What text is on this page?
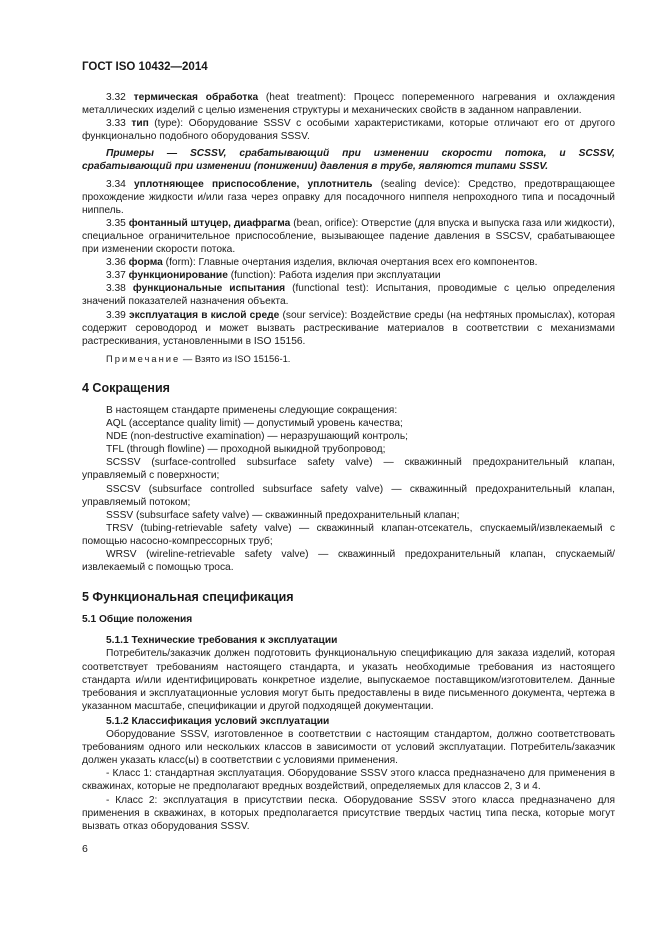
ГОСТ ISO 10432—2014

3.32 термическая обработка (heat treatment): Процесс попеременного нагревания и охлаждения металлических изделий с целью изменения структуры и механических свойств в заданном направлении.

3.33 тип (type): Оборудование SSSV с особыми характеристиками, которые отличают его от другого функционально подобного оборудования SSSV.

Примеры — SCSSV, срабатывающий при изменении скорости потока, и SCSSV, срабатывающий при изменении (понижении) давления в трубе, являются типами SSSV.

3.34 уплотняющее приспособление, уплотнитель (sealing device): Средство, предотвращающее прохождение жидкости и/или газа через оправку для посадочного ниппеля непроходного типа и посадочный ниппель.

3.35 фонтанный штуцер, диафрагма (bean, orifice): Отверстие (для впуска и выпуска газа или жидкости), специальное ограничительное приспособление, вызывающее падение давления в SSCSV, срабатывающее при изменении скорости потока.

3.36 форма (form): Главные очертания изделия, включая очертания всех его компонентов.

3.37 функционирование (function): Работа изделия при эксплуатации

3.38 функциональные испытания (functional test): Испытания, проводимые с целью определения значений показателей назначения объекта.

3.39 эксплуатация в кислой среде (sour service): Воздействие среды (на нефтяных промыслах), которая содержит сероводород и может вызвать растрескивание материалов в соответствии с механизмами растрескивания, установленными в ISO 15156.

Примечание — Взято из ISO 15156-1.

4 Сокращения

В настоящем стандарте применены следующие сокращения:

AQL (acceptance quality limit) — допустимый уровень качества;

NDE (non-destructive examination) — неразрушающий контроль;

TFL (through flowline) — проходной выкидной трубопровод;

SCSSV (surface-controlled subsurface safety valve) — скважинный предохранительный клапан, управляемый с поверхности;

SSCSV (subsurface controlled subsurface safety valve) — скважинный предохранительный клапан, управляемый потоком;

SSSV (subsurface safety valve) — скважинный предохранительный клапан;

TRSV (tubing-retrievable safety valve) — скважинный клапан-отсекатель, спускаемый/извлекаемый с помощью насосно-компрессорных труб;

WRSV (wireline-retrievable safety valve) — скважинный предохранительный клапан, спускаемый/извлекаемый с помощью троса.

5 Функциональная спецификация
5.1 Общие положения

5.1.1 Технические требования к эксплуатации

Потребитель/заказчик должен подготовить функциональную спецификацию для заказа изделий, которая соответствует требованиям настоящего стандарта, и указать необходимые требования из настоящего стандарта и/или идентифицировать конкретное изделие, выпускаемое поставщиком/изготовителем. Данные требования и эксплуатационные условия могут быть предоставлены в виде письменного документа, чертежа в указанном масштабе, спецификации и другой подходящей документации.

5.1.2 Классификация условий эксплуатации

Оборудование SSSV, изготовленное в соответствии с настоящим стандартом, должно соответствовать требованиям одного или нескольких классов в зависимости от условий эксплуатации. Потребитель/заказчик должен указать класс(ы) в соответствии с условиями применения.

- Класс 1: стандартная эксплуатация. Оборудование SSSV этого класса предназначено для применения в скважинах, которые не предполагают вредных воздействий, определяемых для классов 2, 3 и 4.

- Класс 2: эксплуатация в присутствии песка. Оборудование SSSV этого класса предназначено для применения в скважинах, в которых предполагается присутствие твердых частиц типа песка, которые могут вызвать отказ оборудования SSSV.

6
